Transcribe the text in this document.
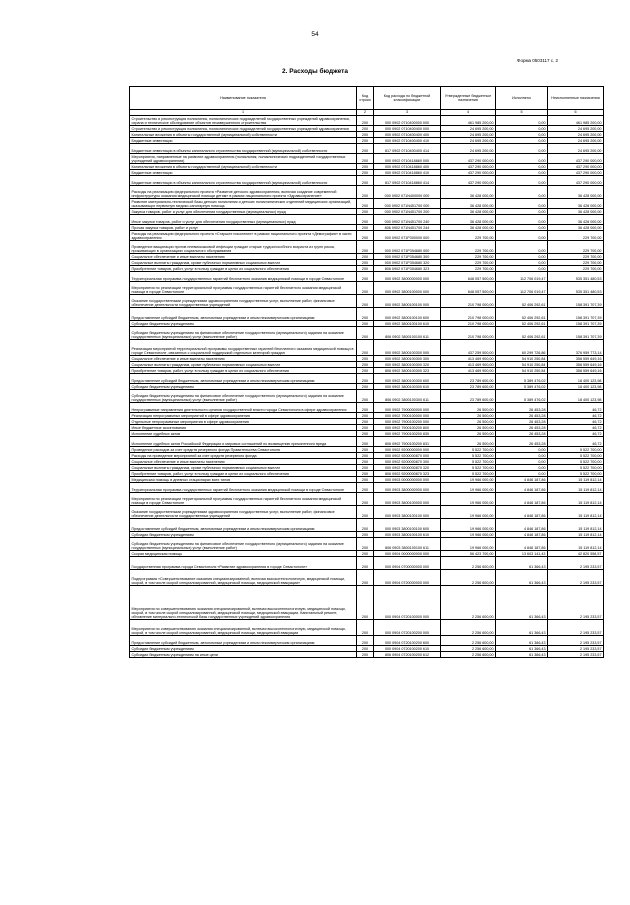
54
Форма 0503117 с. 2
2. Расходы бюджета
Наименование показателя	Код строки	Код расхода по бюджетной классификации	Утвержденные бюджетные назначения	Исполнено	Неисполненные назначения
1	2	3	4	5	6
Строительство и реконструкция поликлиник, поликлинических подразделений государственных учреждений здравоохранения, охрана и техническое обследование объектов незавершенного строительства	200	000 0902 0710400000 000	461 985 200,00	0,00	461 985 200,00
Строительство и реконструкция поликлиник, поликлинических подразделений государственных учреждений здравоохранения	200	000 0902 0710400400 000	24 695 200,00	0,00	24 695 200,00
Капитальные вложения в объекты государственной (муниципальной) собственности	200	000 0902 0710400400 400	24 695 200,00	0,00	24 695 200,00
Бюджетные инвестиции	200	000 0902 0710400400 410	24 695 200,00	0,00	24 695 200,00
Бюджетные инвестиции в объекты капитального строительства государственной (муниципальной) собственности	200	817 0902 0710400400 414	24 695 200,00	0,00	24 695 200,00
Мероприятия, направленные на развитие здравоохранения (поликлиник, поликлинических подразделений государственных учреждений здравоохранения)	200	000 0902 0710418860 000	437 290 000,00	0,00	437 290 000,00
Капитальные вложения в объекты государственной (муниципальной) собственности	200	000 0902 0710418860 400	437 290 000,00	0,00	437 290 000,00
Бюджетные инвестиции	200	000 0902 0710418860 410	437 290 000,00	0,00	437 290 000,00
Бюджетные инвестиции в объекты капитального строительства государственной (муниципальной) собственности	200	817 0902 0710418860 414	437 290 000,00	0,00	437 290 000,00
Расходы на реализацию федерального проекта «Развитие детского здравоохранения, включая создание современной инфраструктуры оказания медицинской помощи детям» в рамках национального проекта «Здравоохранение»	200	000 0902 071N400000 000	36 428 000,00	0,00	36 428 000,00
Развитие материально-технической базы детских поликлиник и детских поликлинических отделений медицинских организаций, оказывающих первичную медико-санитарную помощь	200	000 0902 071N451700 000	36 428 000,00	0,00	36 428 000,00
Закупка товаров, работ и услуг для обеспечения государственных (муниципальных) нужд	200	000 0902 071N451700 200	36 428 000,00	0,00	36 428 000,00
Иные закупки товаров, работ и услуг для обеспечения государственных (муниципальных) нужд	200	000 0902 071N451700 240	36 428 000,00	0,00	36 428 000,00
Прочая закупка товаров, работ и услуг	200	806 0902 071N451700 244	36 428 000,00	0,00	36 428 000,00
Расходы на реализацию федерального проекта «Старшее поколение» в рамках национального проекта «Демография» в части здравоохранения	200	000 0902 071P300000 000	229 700,00	0,00	229 700,00
Проведение вакцинации против пневмококковой инфекции граждан старше трудоспособного возраста из групп риска, проживающих в организациях социального обслуживания	200	000 0902 071P354680 000	229 700,00	0,00	229 700,00
Социальное обеспечение и иные выплаты населению	200	000 0902 071P354680 300	229 700,00	0,00	229 700,00
Социальные выплаты гражданам, кроме публичных нормативных социальных выплат	200	000 0902 071P354680 320	229 700,00	0,00	229 700,00
Приобретение товаров, работ, услуг в пользу граждан в целях их социального обеспечения	200	806 0902 071P354680 323	229 700,00	0,00	229 700,00
Территориальная программа государственных гарантий бесплатного оказания медицинской помощи в городе Севастополе	200	000 0902 3800000000 000	648 057 500,00	112 706 019,47	535 351 480,53
Мероприятия по реализации территориальной программы государственных гарантий бесплатного оказания медицинской помощи в городе Севастополе	200	000 0902 3800100000 000	648 057 500,00	112 706 019,47	535 351 480,53
Оказание государственными учреждениями здравоохранения государственных услуг, выполнение работ, финансовое обеспечение деятельности государственных учреждений	200	000 0902 3800100100 000	210 798 000,00	52 406 292,61	158 391 707,39
Предоставление субсидий бюджетным, автономным учреждениям и иным некоммерческим организациям	200	000 0902 3800100100 600	210 798 000,00	52 406 292,61	158 391 707,39
Субсидии бюджетным учреждениям	200	000 0902 3800100100 610	210 798 000,00	52 406 292,61	158 391 707,39
Субсидии бюджетным учреждениям на финансовое обеспечение государственного (муниципального) задания на оказание государственных (муниципальных) услуг (выполнение работ)	200	806 0902 3800100100 611	210 798 000,00	52 406 292,61	158 391 707,39
Реализация мероприятий территориальной программы государственных гарантий бесплатного оказания медицинской помощи в городе Севастополе, связанных с социальной поддержкой отдельных категорий граждан	200	000 0902 3800100300 000	437 259 500,00	60 299 726,86	376 959 773,14
Социальное обеспечение и иные выплаты населению	200	000 0902 3800100300 300	413 469 900,00	54 910 250,84	358 559 649,16
Социальные выплаты гражданам, кроме публичных нормативных социальных выплат	200	000 0902 3800100300 320	413 469 900,00	54 910 250,84	358 559 649,16
Приобретение товаров, работ, услуг в пользу граждан в целях их социального обеспечения	200	806 0902 3800100300 323	413 469 900,00	54 910 250,84	358 559 649,16
Предоставление субсидий бюджетным, автономным учреждениям и иным некоммерческим организациям	200	000 0902 3800100300 600	23 789 600,00	5 389 476,02	18 400 123,98
Субсидии бюджетным учреждениям	200	000 0902 3800100300 610	23 789 600,00	5 389 476,02	18 400 123,98
Субсидии бюджетным учреждениям на финансовое обеспечение государственного (муниципального) задания на оказание государственных (муниципальных) услуг (выполнение работ)	200	806 0902 3800100300 611	23 789 600,00	5 389 476,02	18 400 123,98
Непрограммные направления деятельности органов государственной власти города Севастополя в сфере здравоохранения	200	000 0902 7900000000 000	26 500,00	26 453,28	46,72
Реализация непрограммных мероприятий в сфере здравоохранения	200	000 0902 7900100000 000	26 500,00	26 453,28	46,72
Отдельные непрограммные мероприятия в сфере здравоохранения	200	000 0902 7900100200 000	26 500,00	26 453,28	46,72
Иные бюджетные ассигнования	200	000 0902 7900100200 800	26 500,00	26 453,28	46,72
Исполнение судебных актов	200	000 0902 7900100200 830	26 500,00	26 453,28	46,72
Исполнение судебных актов Российской Федерации и мировых соглашений по возмещению причиненного вреда	200	806 0902 7900100200 831	26 500,00	26 453,28	46,72
Проведение расходов за счет средств резервного фонда Правительства Севастополя	200	000 0902 9200000000 000	5 522 700,00	0,00	5 522 700,00
Расходы на проведение мероприятий за счет средств резервного фонда	200	000 0902 9200000870 000	5 522 700,00	0,00	5 522 700,00
Социальное обеспечение и иные выплаты населению	200	000 0902 9200000870 300	5 522 700,00	0,00	5 522 700,00
Социальные выплаты гражданам, кроме публичных нормативных социальных выплат	200	000 0902 9200000870 320	5 522 700,00	0,00	5 522 700,00
Приобретение товаров, работ, услуг в пользу граждан в целях их социального обеспечения	200	806 0902 9200000870 323	5 522 700,00	0,00	5 522 700,00
Медицинская помощь в дневных стационарах всех типов	200	000 0903 0000000000 000	19 966 000,00	4 846 187,86	15 119 812,14
Территориальная программа государственных гарантий бесплатного оказания медицинской помощи в городе Севастополе	200	000 0903 3800000000 000	19 966 000,00	4 846 187,86	15 119 812,14
Мероприятия по реализации территориальной программы государственных гарантий бесплатного оказания медицинской помощи в городе Севастополе	200	000 0903 3800100000 000	19 966 000,00	4 846 187,86	15 119 812,14
Оказание государственными учреждениями здравоохранения государственных услуг, выполнение работ, финансовое обеспечение деятельности государственных учреждений	200	000 0903 3800100100 000	19 966 000,00	4 846 187,86	15 119 812,14
Предоставление субсидий бюджетным, автономным учреждениям и иным некоммерческим организациям	200	000 0903 3800100100 600	19 966 000,00	4 846 187,86	15 119 812,14
Субсидии бюджетным учреждениям	200	000 0903 3800100100 610	19 966 000,00	4 846 187,86	15 119 812,14
Субсидии бюджетным учреждениям на финансовое обеспечение государственного (муниципального) задания на оказание государственных (муниципальных) услуг (выполнение работ)	200	806 0903 3800100100 611	19 966 000,00	4 846 187,86	15 119 812,14
Скорая медицинская помощь	200	000 0904 0000000000 000	56 423 700,00	13 603 141,43	42 820 558,57
Государственная программа города Севастополя «Развитие здравоохранения в городе Севастополе»	200	000 0904 0700000000 000	2 256 600,00	61 366,43	2 195 233,57
Подпрограмма «Совершенствование оказания специализированной, включая высокотехнологичную, медицинской помощи, скорой, в том числе скорой специализированной, медицинской помощи, медицинской эвакуации»	200	000 0904 0720000000 000	2 256 600,00	61 366,43	2 195 233,57
Мероприятия по совершенствованию оказания специализированной, включая высокотехнологичную, медицинской помощи, скорой, в том числе скорой специализированной, медицинской помощи, медицинской эвакуации. Капитальный ремонт, обновление материально-технической базы государственных учреждений здравоохранения	200	000 0904 0720100000 000	2 256 600,00	61 366,43	2 195 233,57
Мероприятия по совершенствованию оказания специализированной, включая высокотехнологичную, медицинской помощи, скорой, в том числе скорой специализированной, медицинской помощи, медицинской эвакуации	200	000 0904 0720100200 000	2 256 600,00	61 366,43	2 195 233,57
Предоставление субсидий бюджетным, автономным учреждениям и иным некоммерческим организациям	200	000 0904 0720100200 600	2 256 600,00	61 366,43	2 195 233,57
Субсидии бюджетным учреждениям	200	000 0904 0720100200 610	2 256 600,00	61 366,43	2 195 233,57
Субсидии бюджетным учреждениям на иные цели	200	806 0904 0720100200 612	2 256 600,00	61 366,43	2 195 233,57
